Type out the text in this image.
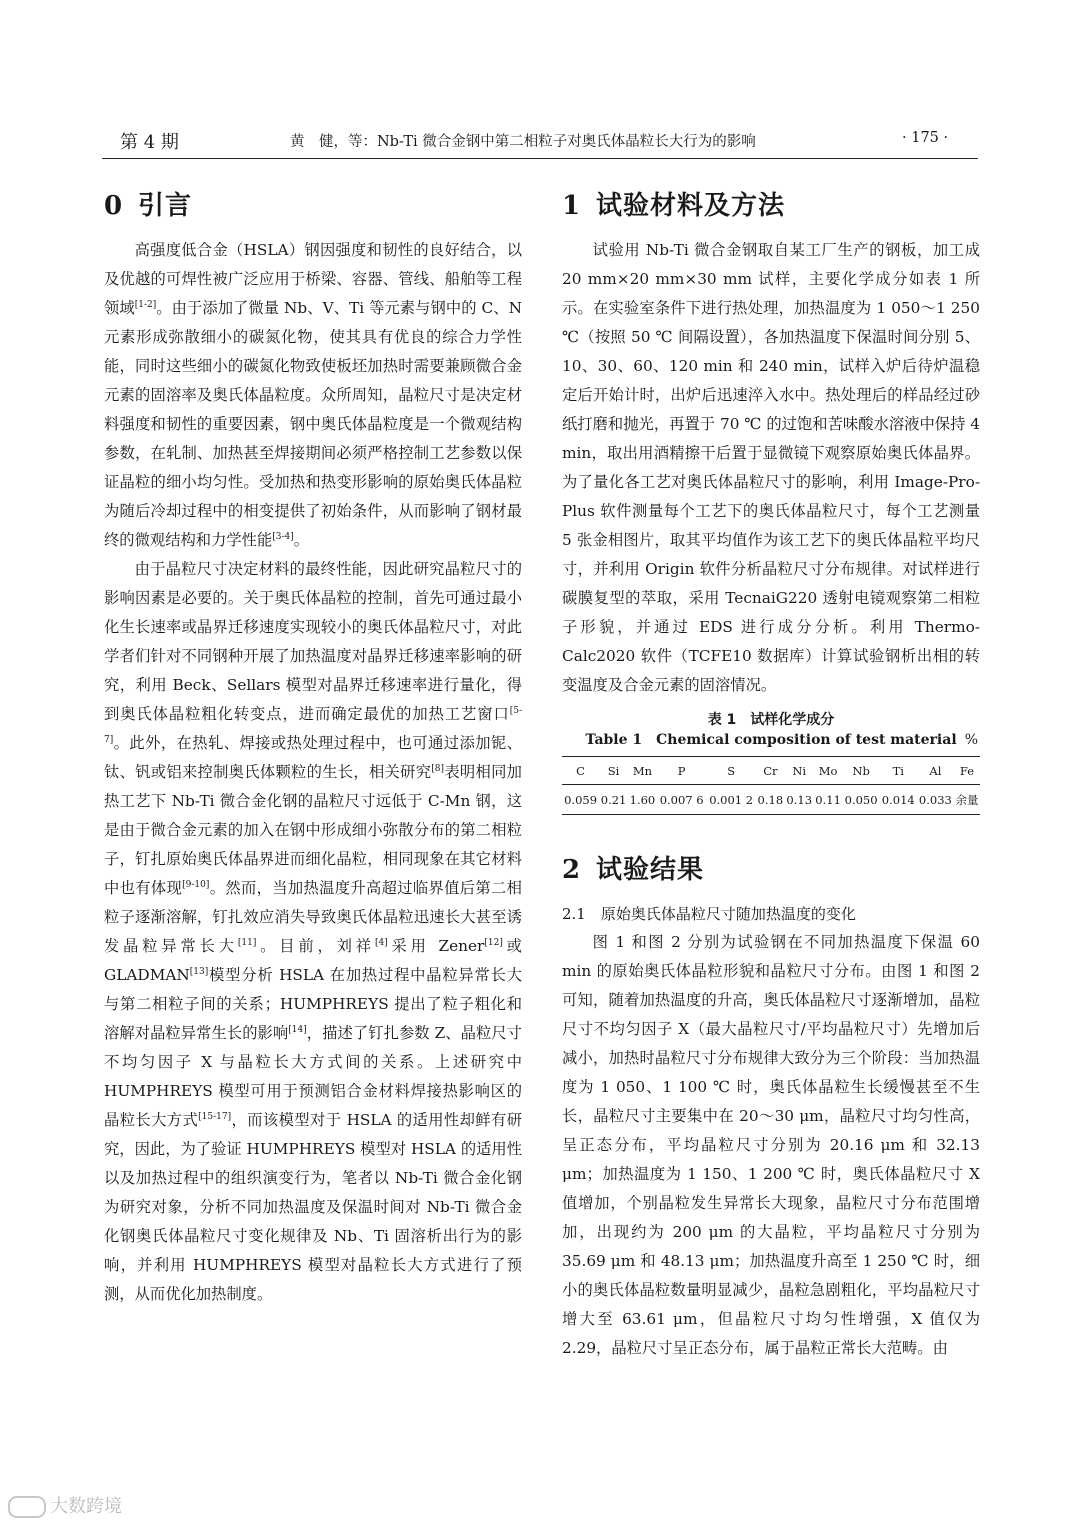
第 4 期	黄　健，等：Nb-Ti 微合金钢中第二相粒子对奥氏体晶粒长大行为的影响	· 175 ·
0 引言

高强度低合金（HSLA）钢因强度和韧性的良好结合，以及优越的可焊性被广泛应用于桥梁、容器、管线、船舶等工程领域[1-2]。由于添加了微量 Nb、V、Ti 等元素与钢中的 C、N 元素形成弥散细小的碳氮化物，使其具有优良的综合力学性能，同时这些细小的碳氮化物致使板坯加热时需要兼顾微合金元素的固溶率及奥氏体晶粒度。众所周知，晶粒尺寸是决定材料强度和韧性的重要因素，钢中奥氏体晶粒度是一个微观结构参数，在轧制、加热甚至焊接期间必须严格控制工艺参数以保证晶粒的细小均匀性。受加热和热变形影响的原始奥氏体晶粒为随后冷却过程中的相变提供了初始条件，从而影响了钢材最终的微观结构和力学性能[3-4]。

由于晶粒尺寸决定材料的最终性能，因此研究晶粒尺寸的影响因素是必要的。关于奥氏体晶粒的控制，首先可通过最小化生长速率或晶界迁移速度实现较小的奥氏体晶粒尺寸，对此学者们针对不同钢种开展了加热温度对晶界迁移速率影响的研究，利用 Beck、Sellars 模型对晶界迁移速率进行量化，得到奥氏体晶粒粗化转变点，进而确定最优的加热工艺窗口[5-7]。此外，在热轧、焊接或热处理过程中，也可通过添加铌、钛、钒或铝来控制奥氏体颗粒的生长，相关研究[8]表明相同加热工艺下 Nb-Ti 微合金化钢的晶粒尺寸远低于 C-Mn 钢，这是由于微合金元素的加入在钢中形成细小弥散分布的第二相粒子，钉扎原始奥氏体晶界进而细化晶粒，相同现象在其它材料中也有体现[9-10]。然而，当加热温度升高超过临界值后第二相粒子逐渐溶解，钉扎效应消失导致奥氏体晶粒迅速长大甚至诱发晶粒异常长大[11]。目前，刘祥[4]采用 Zener[12]或 GLADMAN[13]模型分析 HSLA 在加热过程中晶粒异常长大与第二相粒子间的关系；HUMPHREYS 提出了粒子粗化和溶解对晶粒异常生长的影响[14]，描述了钉扎参数 Z、晶粒尺寸不均匀因子 X 与晶粒长大方式间的关系。上述研究中 HUMPHREYS 模型可用于预测铝合金材料焊接热影响区的晶粒长大方式[15-17]，而该模型对于 HSLA 的适用性却鲜有研究，因此，为了验证 HUMPHREYS 模型对 HSLA 的适用性以及加热过程中的组织演变行为，笔者以 Nb-Ti 微合金化钢为研究对象，分析不同加热温度及保温时间对 Nb-Ti 微合金化钢奥氏体晶粒尺寸变化规律及 Nb、Ti 固溶析出行为的影响，并利用 HUMPHREYS 模型对晶粒长大方式进行了预测，从而优化加热制度。

1 试验材料及方法

试验用 Nb-Ti 微合金钢取自某工厂生产的钢板，加工成 20 mm×20 mm×30 mm 试样，主要化学成分如表 1 所示。在实验室条件下进行热处理，加热温度为 1 050～1 250 ℃（按照 50 ℃ 间隔设置），各加热温度下保温时间分别 5、10、30、60、120 min 和 240 min，试样入炉后待炉温稳定后开始计时，出炉后迅速淬入水中。热处理后的样品经过砂纸打磨和抛光，再置于 70 ℃ 的过饱和苦味酸水溶液中保持 4 min，取出用酒精擦干后置于显微镜下观察原始奥氏体晶界。为了量化各工艺对奥氏体晶粒尺寸的影响，利用 Image-Pro-Plus 软件测量每个工艺下的奥氏体晶粒尺寸，每个工艺测量 5 张金相图片，取其平均值作为该工艺下的奥氏体晶粒平均尺寸，并利用 Origin 软件分析晶粒尺寸分布规律。对试样进行碳膜复型的萃取，采用 TecnaiG220 透射电镜观察第二相粒子形貌，并通过 EDS 进行成分分析。利用 Thermo-Calc2020 软件（TCFE10 数据库）计算试验钢析出相的转变温度及合金元素的固溶情况。

表 1　试样化学成分
Table 1　Chemical composition of test material %
C	Si	Mn	P	S	Cr	Ni	Mo	Nb	Ti	Al	Fe
0.059	0.21	1.60	0.007 6	0.001 2	0.18	0.13	0.11	0.050	0.014	0.033	余量
2 试验结果
2.1　原始奥氏体晶粒尺寸随加热温度的变化

图 1 和图 2 分别为试验钢在不同加热温度下保温 60 min 的原始奥氏体晶粒形貌和晶粒尺寸分布。由图 1 和图 2 可知，随着加热温度的升高，奥氏体晶粒尺寸逐渐增加，晶粒尺寸不均匀因子 X（最大晶粒尺寸/平均晶粒尺寸）先增加后减小，加热时晶粒尺寸分布规律大致分为三个阶段：当加热温度为 1 050、1 100 ℃ 时，奥氏体晶粒生长缓慢甚至不生长，晶粒尺寸主要集中在 20～30 μm，晶粒尺寸均匀性高，呈正态分布，平均晶粒尺寸分别为 20.16 μm 和 32.13 μm；加热温度为 1 150、1 200 ℃ 时，奥氏体晶粒尺寸 X 值增加，个别晶粒发生异常长大现象，晶粒尺寸分布范围增加，出现约为 200 μm 的大晶粒，平均晶粒尺寸分别为 35.69 μm 和 48.13 μm；加热温度升高至 1 250 ℃ 时，细小的奥氏体晶粒数量明显减少，晶粒急剧粗化，平均晶粒尺寸增大至 63.61 μm，但晶粒尺寸均匀性增强，X 值仅为 2.29，晶粒尺寸呈正态分布，属于晶粒正常长大范畴。由

大数跨境
